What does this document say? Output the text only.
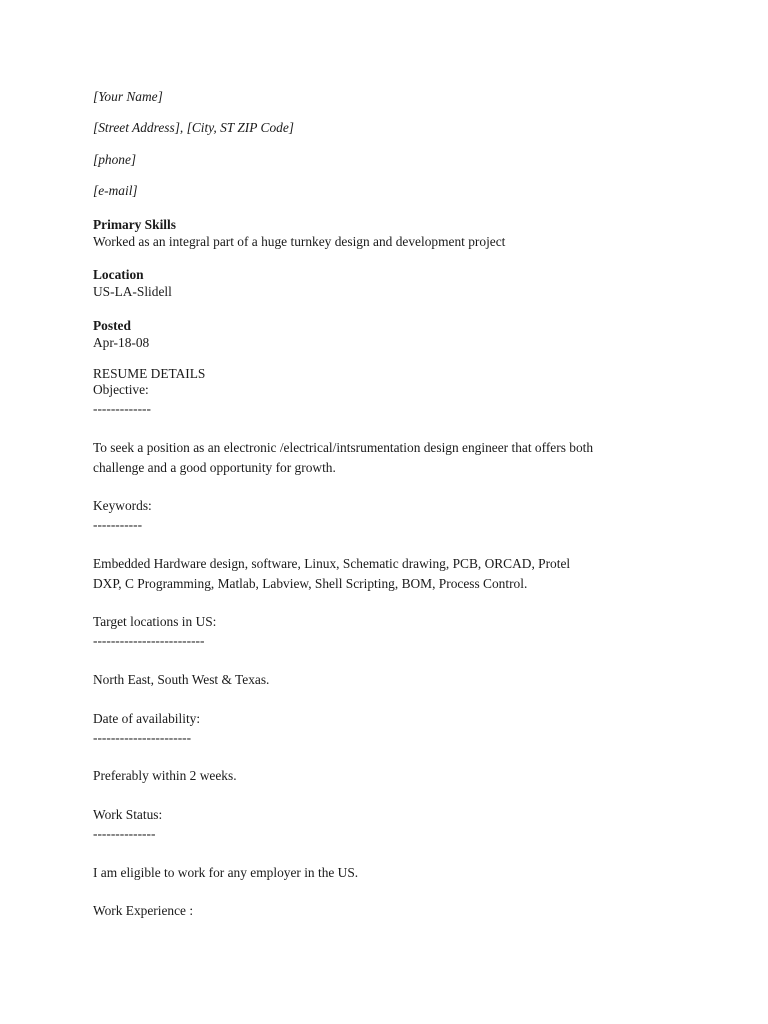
[Your Name]
[Street Address], [City, ST ZIP Code]
[phone]
[e-mail]
Primary Skills
Worked as an integral part of a huge turnkey design and development project
Location
US-LA-Slidell
Posted
Apr-18-08
RESUME DETAILS
Objective:
-------------
To seek a position as an electronic /electrical/intsrumentation design engineer that offers both
challenge and a good opportunity for growth.
Keywords:
-----------
Embedded Hardware design, software, Linux, Schematic drawing, PCB, ORCAD, Protel
DXP, C Programming, Matlab, Labview, Shell Scripting, BOM, Process Control.
Target locations in US:
-------------------------
North East, South West & Texas.
Date of availability:
----------------------
Preferably within 2 weeks.
Work Status:
--------------
I am eligible to work for any employer in the US.
Work Experience :
